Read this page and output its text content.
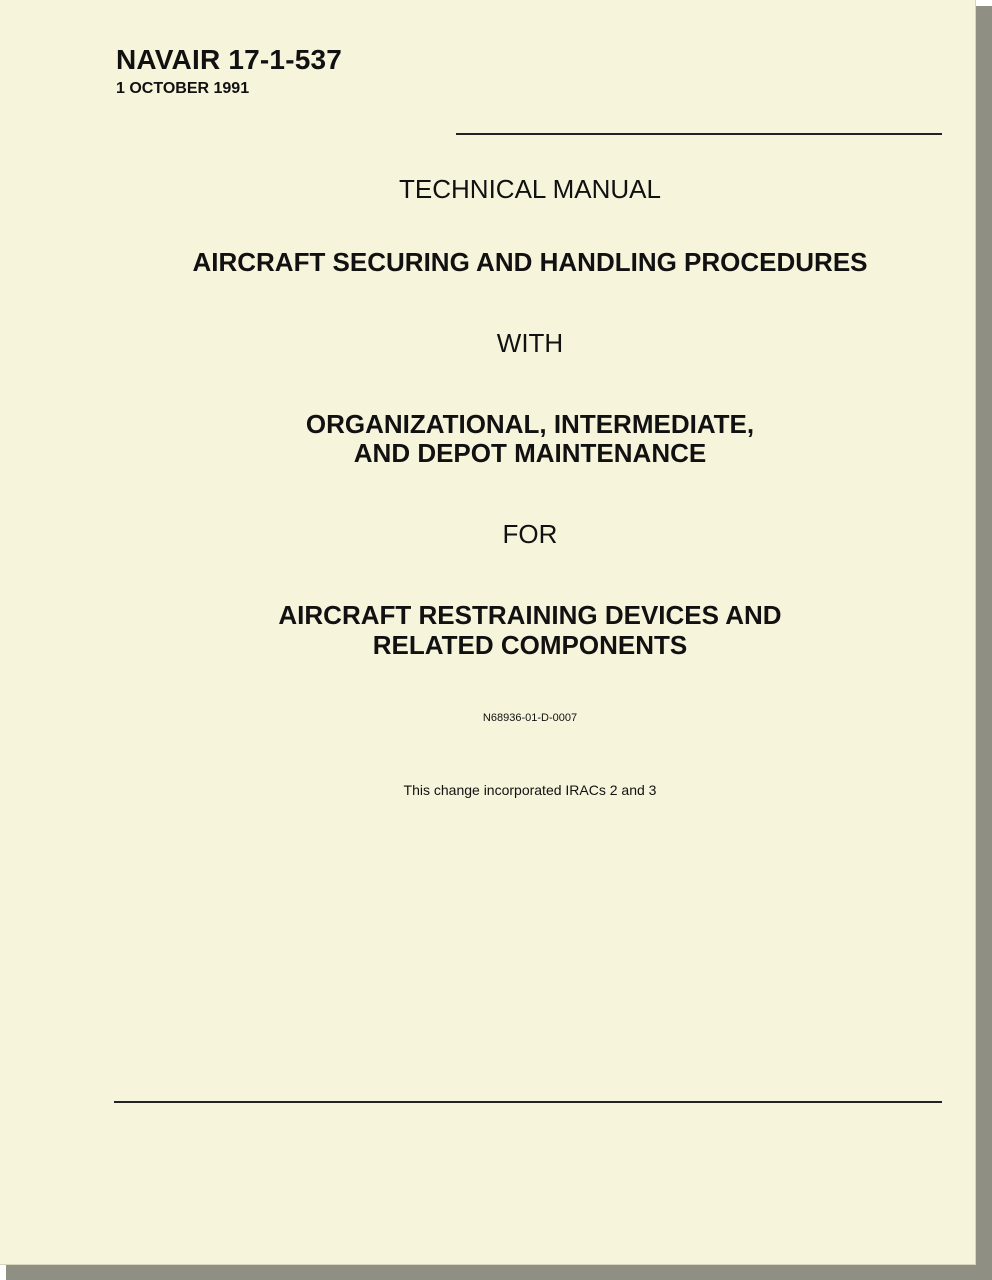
NAVAIR 17-1-537
1 OCTOBER 1991
TECHNICAL MANUAL
AIRCRAFT SECURING AND HANDLING PROCEDURES
WITH
ORGANIZATIONAL, INTERMEDIATE,
AND DEPOT MAINTENANCE
FOR
AIRCRAFT RESTRAINING DEVICES AND
RELATED COMPONENTS
N68936-01-D-0007
This change incorporated IRACs 2 and 3
